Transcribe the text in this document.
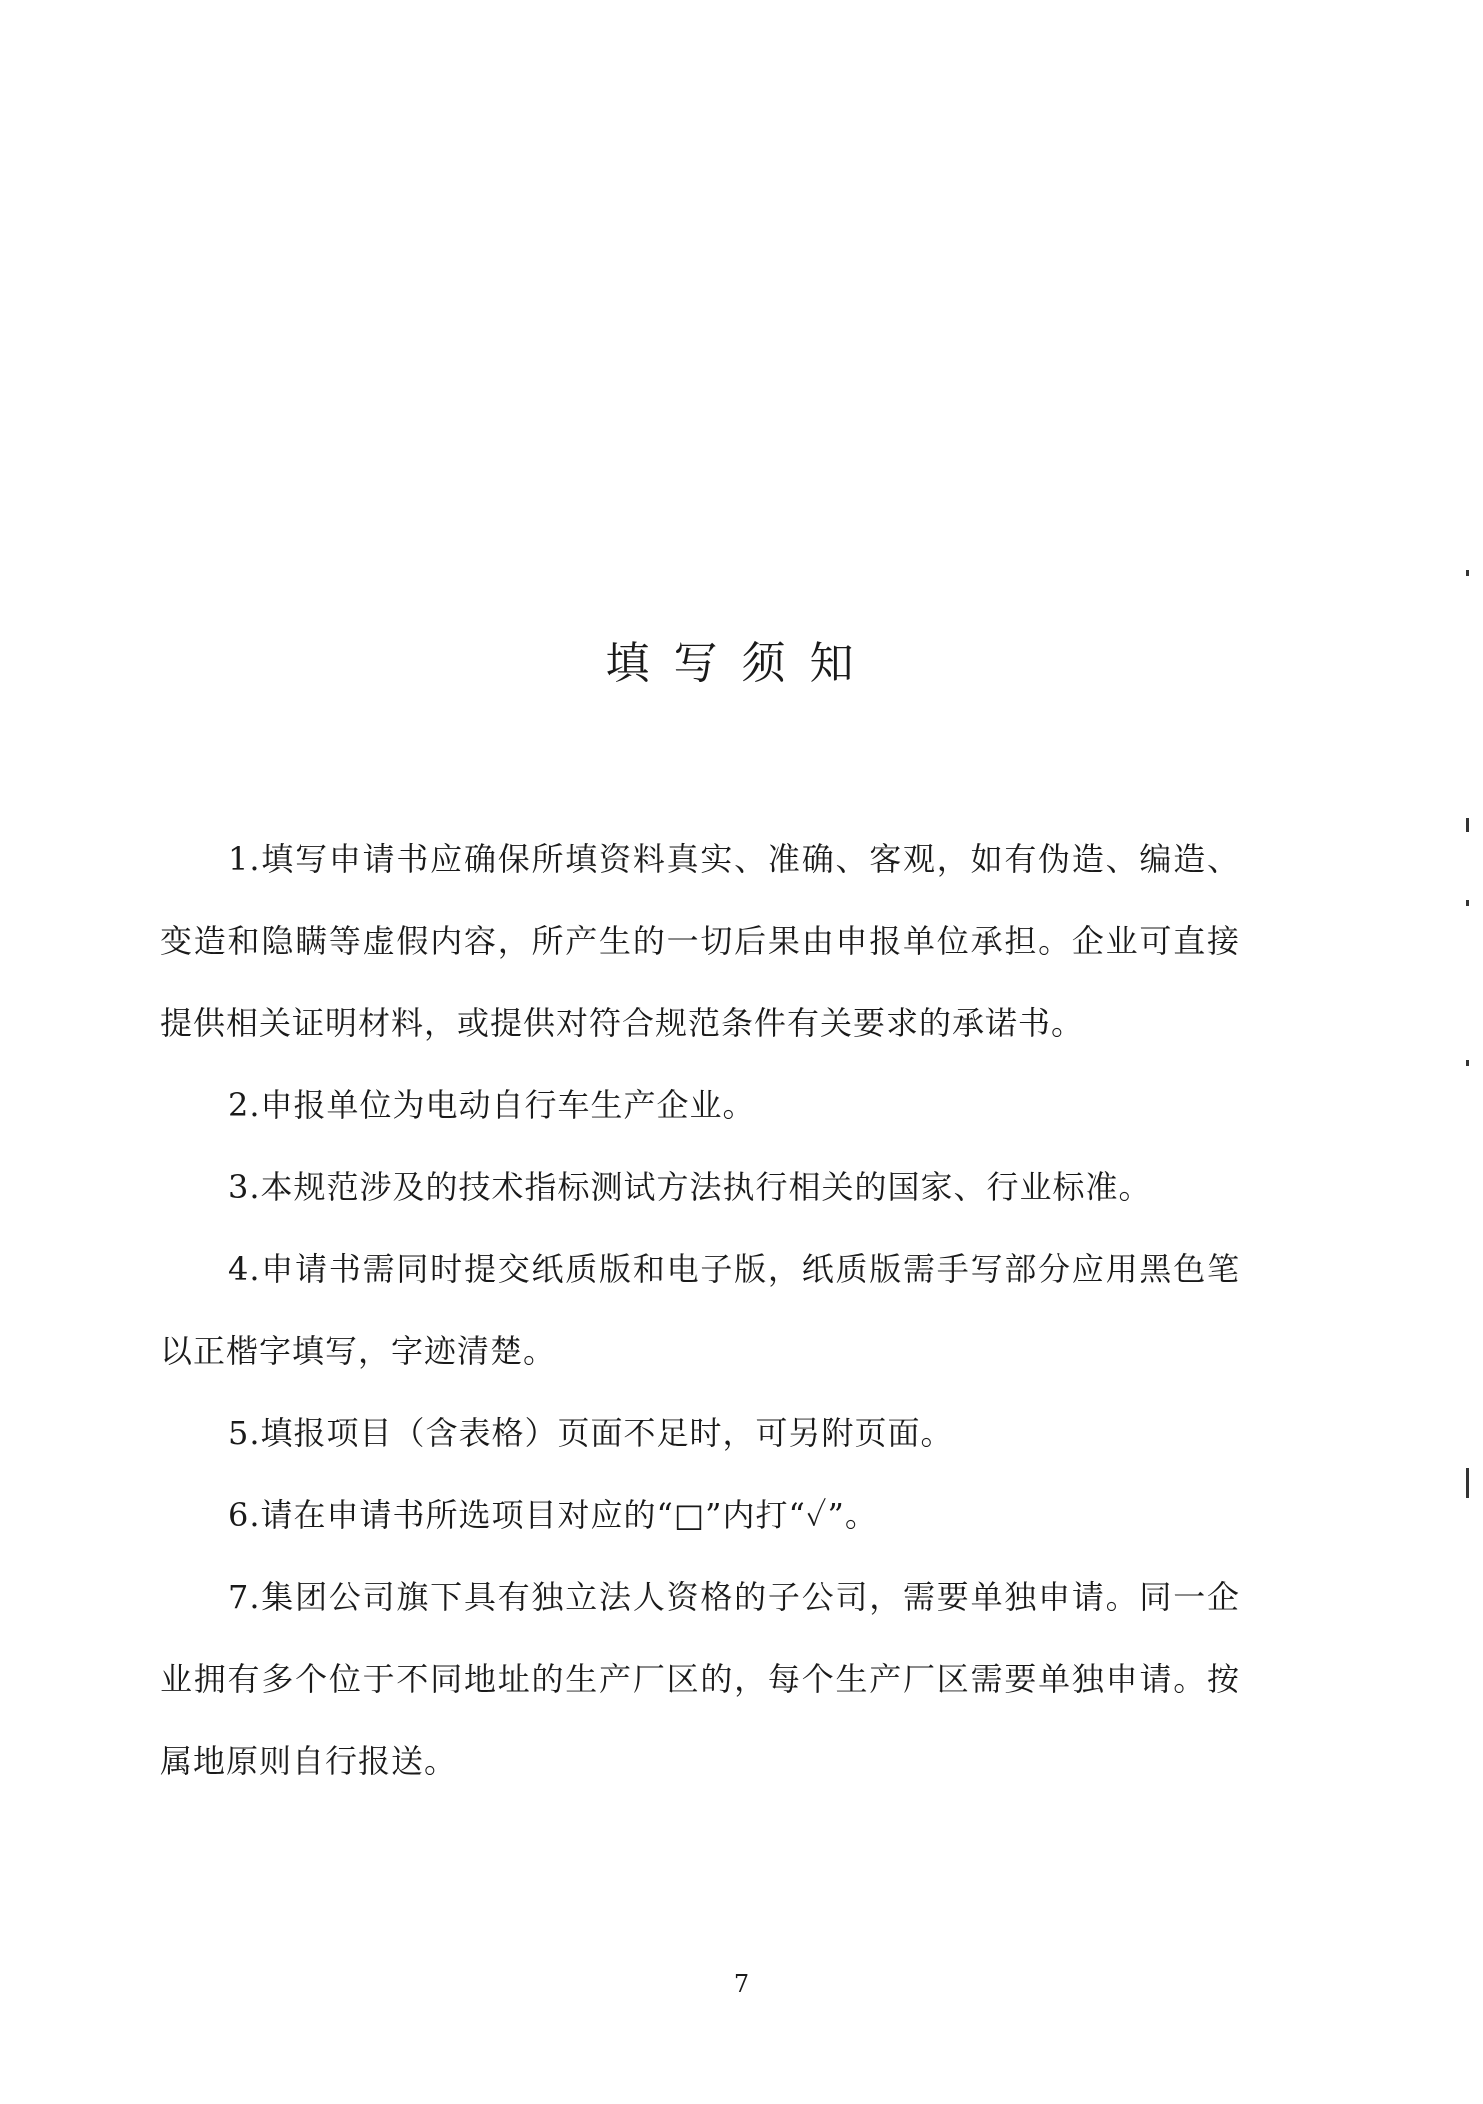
填写须知

1.填写申请书应确保所填资料真实、准确、客观，如有伪造、编造、变造和隐瞒等虚假内容，所产生的一切后果由申报单位承担。企业可直接提供相关证明材料，或提供对符合规范条件有关要求的承诺书。

2.申报单位为电动自行车生产企业。

3.本规范涉及的技术指标测试方法执行相关的国家、行业标准。

4.申请书需同时提交纸质版和电子版，纸质版需手写部分应用黑色笔以正楷字填写，字迹清楚。

5.填报项目（含表格）页面不足时，可另附页面。

6.请在申请书所选项目对应的“□”内打“✓”。

7.集团公司旗下具有独立法人资格的子公司，需要单独申请。同一企业拥有多个位于不同地址的生产厂区的，每个生产厂区需要单独申请。按属地原则自行报送。

7
